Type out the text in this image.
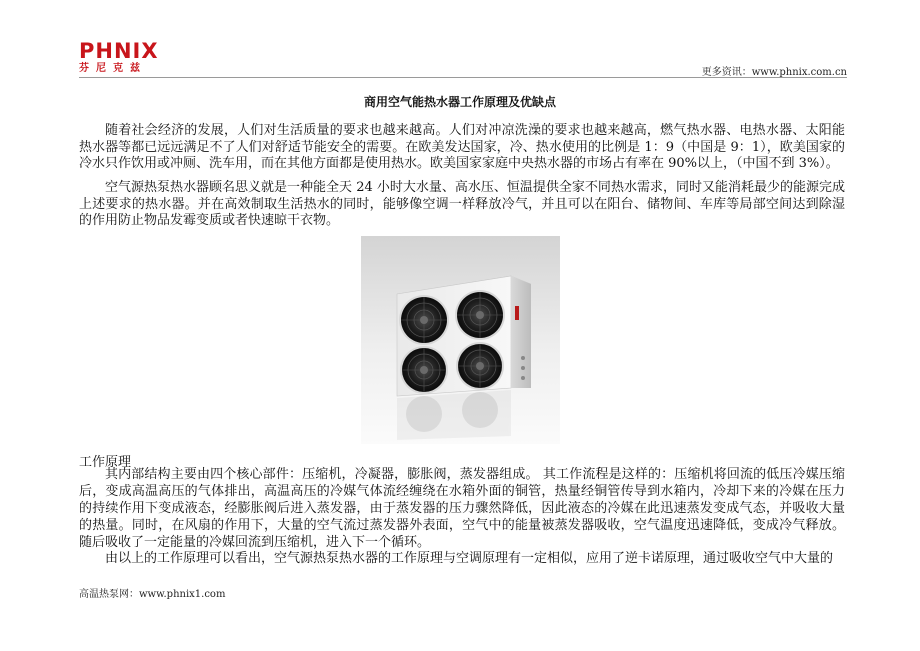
PHNIX
芬尼克兹	更多资讯：www.phnix.com.cn
商用空气能热水器工作原理及优缺点

随着社会经济的发展，人们对生活质量的要求也越来越高。人们对冲凉洗澡的要求也越来越高，燃气热水器、电热水器、太阳能热水器等都已远远满足不了人们对舒适节能安全的需要。在欧美发达国家，冷、热水使用的比例是 1：9（中国是 9：1），欧美国家的冷水只作饮用或冲厕、洗车用，而在其他方面都是使用热水。欧美国家家庭中央热水器的市场占有率在 90%以上，（中国不到 3%）。

空气源热泵热水器顾名思义就是一种能全天 24 小时大水量、高水压、恒温提供全家不同热水需求，同时又能消耗最少的能源完成上述要求的热水器。并在高效制取生活热水的同时，能够像空调一样释放冷气，并且可以在阳台、储物间、车库等局部空间达到除湿的作用防止物品发霉变质或者快速晾干衣物。

工作原理

其内部结构主要由四个核心部件：压缩机，冷凝器，膨胀阀，蒸发器组成。 其工作流程是这样的：压缩机将回流的低压冷媒压缩后，变成高温高压的气体排出，高温高压的冷媒气体流经缠绕在水箱外面的铜管，热量经铜管传导到水箱内，冷却下来的冷媒在压力的持续作用下变成液态，经膨胀阀后进入蒸发器，由于蒸发器的压力骤然降低，因此液态的冷媒在此迅速蒸发变成气态，并吸收大量的热量。同时，在风扇的作用下，大量的空气流过蒸发器外表面，空气中的能量被蒸发器吸收，空气温度迅速降低，变成冷气释放。随后吸收了一定能量的冷媒回流到压缩机，进入下一个循环。

由以上的工作原理可以看出，空气源热泵热水器的工作原理与空调原理有一定相似，应用了逆卡诺原理，通过吸收空气中大量的

高温热泵网：www.phnix1.com
